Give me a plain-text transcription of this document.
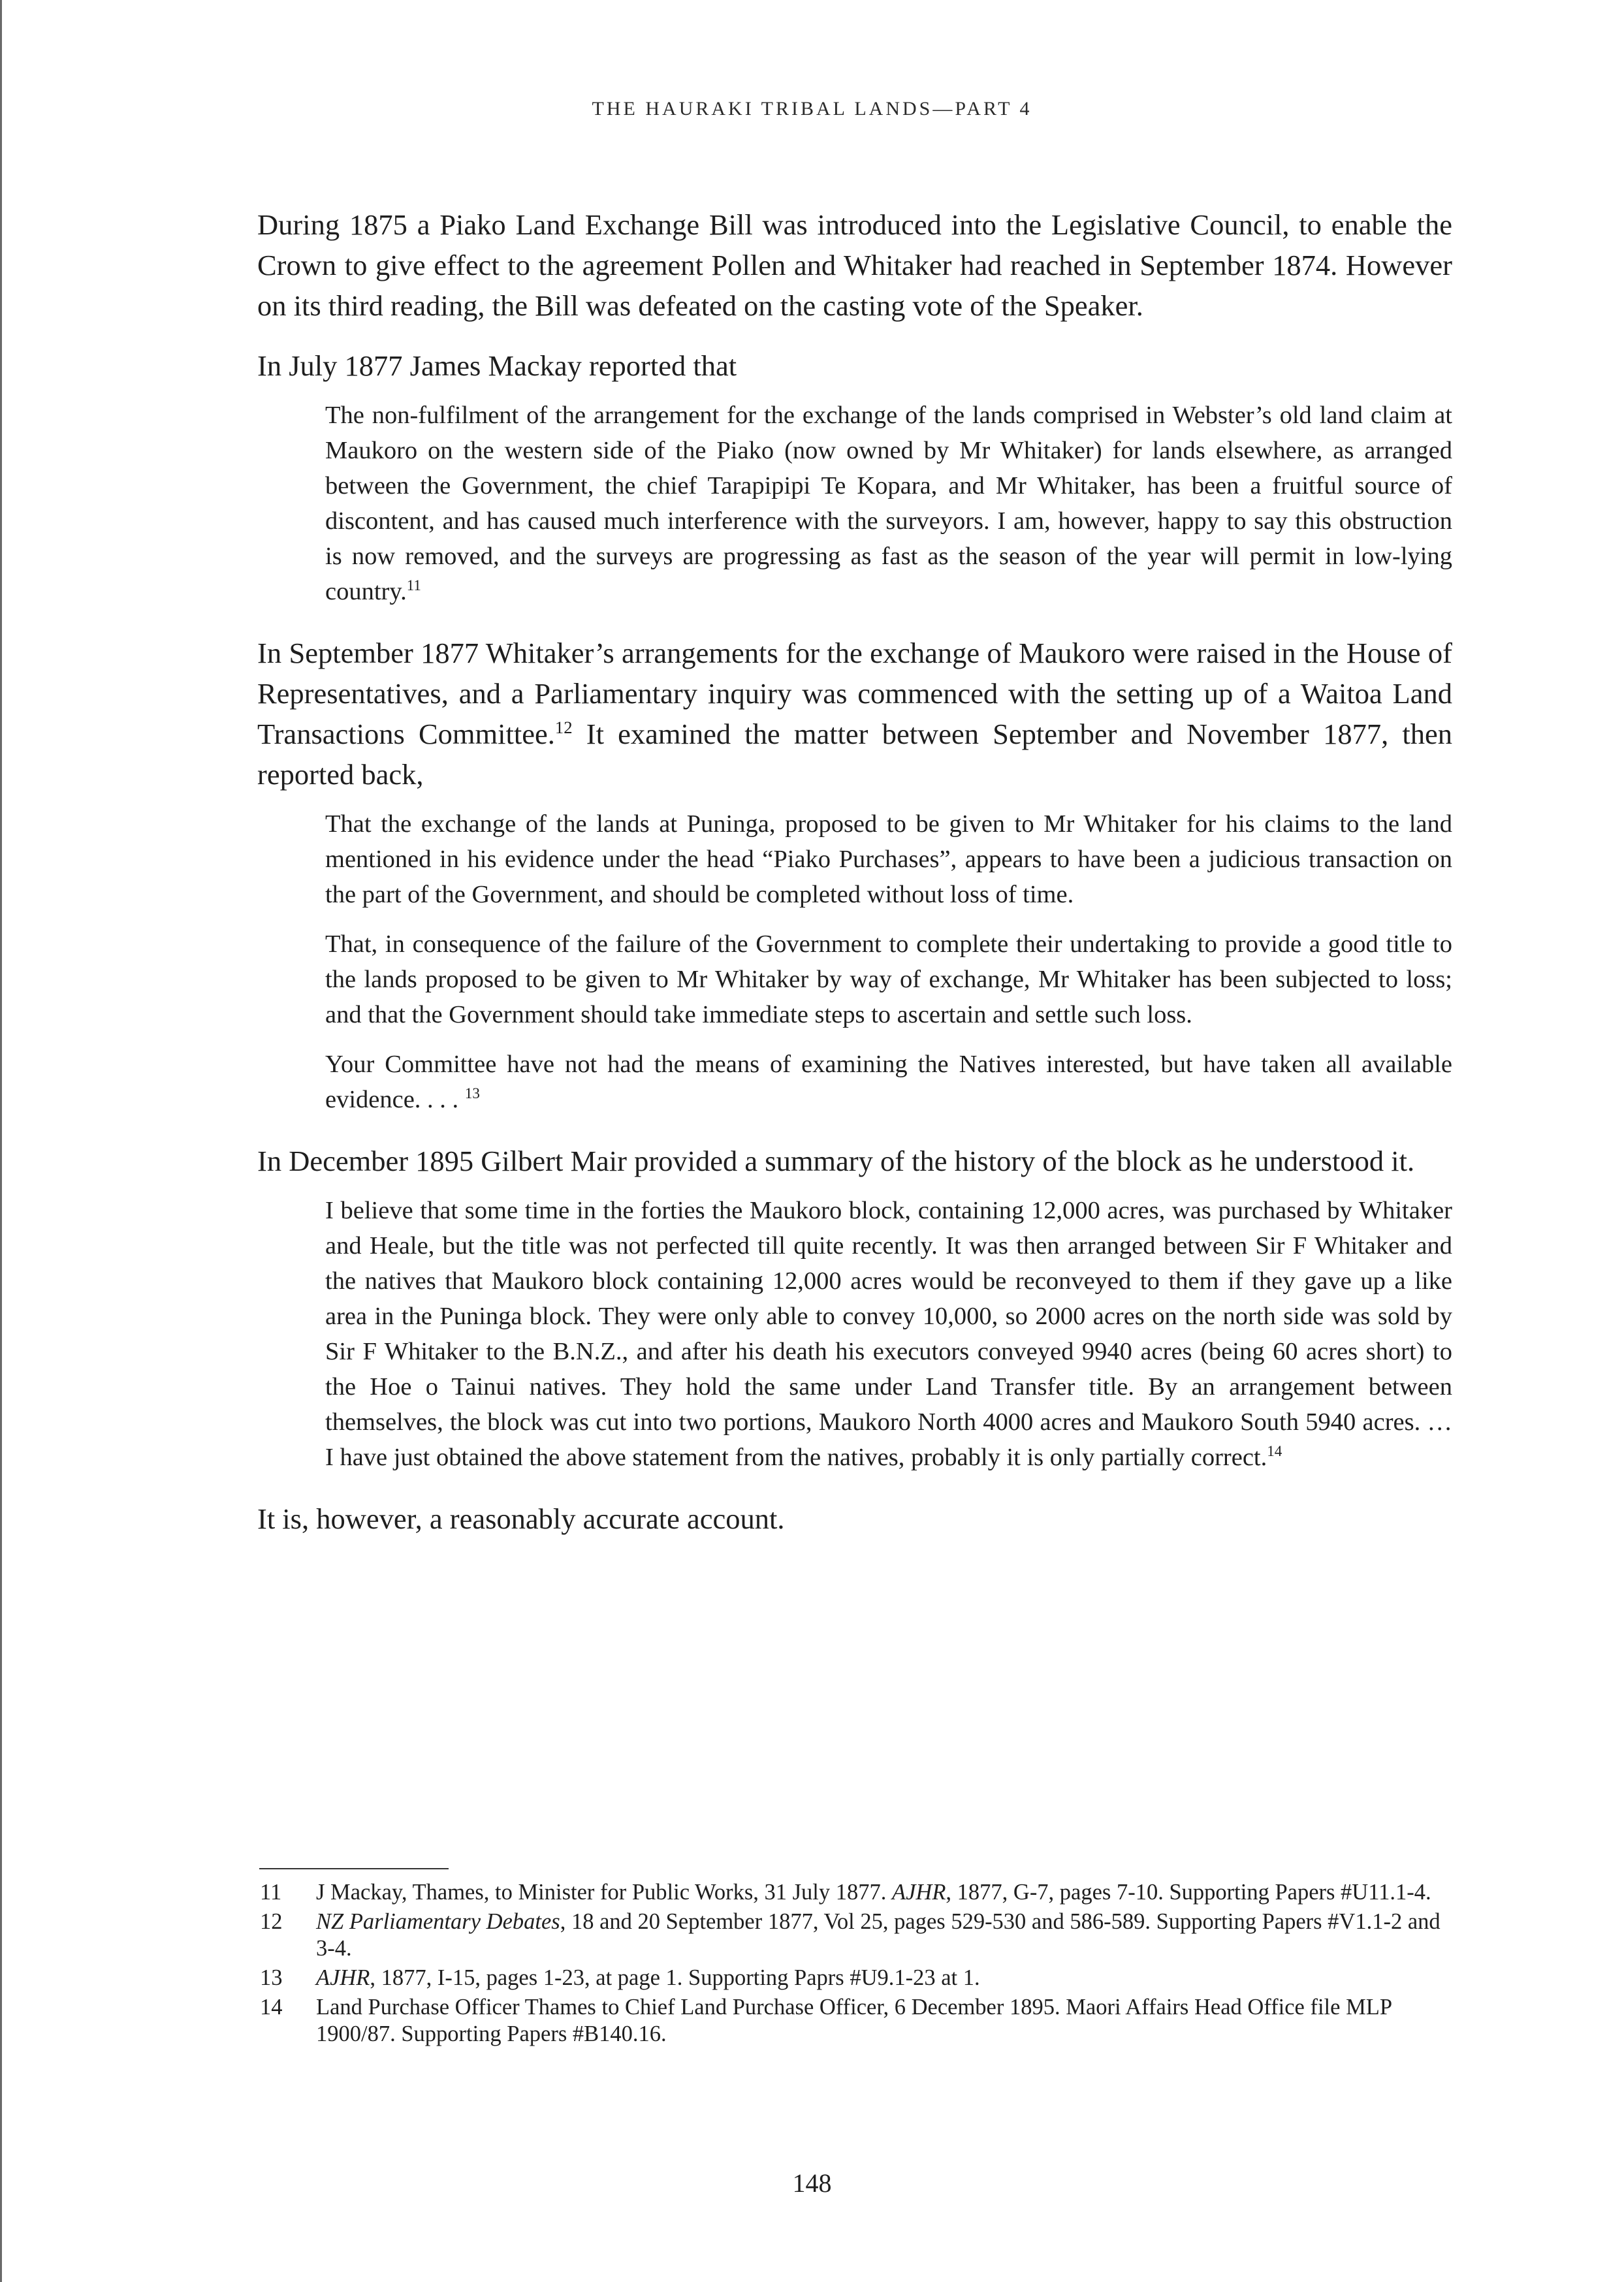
THE HAURAKI TRIBAL LANDS—PART 4

During 1875 a Piako Land Exchange Bill was introduced into the Legislative Council, to enable the Crown to give effect to the agreement Pollen and Whitaker had reached in September 1874. However on its third reading, the Bill was defeated on the casting vote of the Speaker.

In July 1877 James Mackay reported that

The non-fulfilment of the arrangement for the exchange of the lands comprised in Webster’s old land claim at Maukoro on the western side of the Piako (now owned by Mr Whitaker) for lands elsewhere, as arranged between the Government, the chief Tarapipipi Te Kopara, and Mr Whitaker, has been a fruitful source of discontent, and has caused much interference with the surveyors. I am, however, happy to say this obstruction is now removed, and the surveys are progressing as fast as the season of the year will permit in low-lying country.$^{11}$

In September 1877 Whitaker’s arrangements for the exchange of Maukoro were raised in the House of Representatives, and a Parliamentary inquiry was commenced with the setting up of a Waitoa Land Transactions Committee.$^{12}$ It examined the matter between September and November 1877, then reported back,

That the exchange of the lands at Puninga, proposed to be given to Mr Whitaker for his claims to the land mentioned in his evidence under the head “Piako Purchases”, appears to have been a judicious transaction on the part of the Government, and should be completed without loss of time.

That, in consequence of the failure of the Government to complete their undertaking to provide a good title to the lands proposed to be given to Mr Whitaker by way of exchange, Mr Whitaker has been subjected to loss; and that the Government should take immediate steps to ascertain and settle such loss.

Your Committee have not had the means of examining the Natives interested, but have taken all available evidence. . . . $^{13}$

In December 1895 Gilbert Mair provided a summary of the history of the block as he understood it.

I believe that some time in the forties the Maukoro block, containing 12,000 acres, was purchased by Whitaker and Heale, but the title was not perfected till quite recently. It was then arranged between Sir F Whitaker and the natives that Maukoro block containing 12,000 acres would be reconveyed to them if they gave up a like area in the Puninga block. They were only able to convey 10,000, so 2000 acres on the north side was sold by Sir F Whitaker to the B.N.Z., and after his death his executors conveyed 9940 acres (being 60 acres short) to the Hoe o Tainui natives. They hold the same under Land Transfer title. By an arrangement between themselves, the block was cut into two portions, Maukoro North 4000 acres and Maukoro South 5940 acres. … I have just obtained the above statement from the natives, probably it is only partially correct.$^{14}$

It is, however, a reasonably accurate account.

11 J Mackay, Thames, to Minister for Public Works, 31 July 1877. AJHR, 1877, G-7, pages 7-10. Supporting Papers #U11.1-4.
12 NZ Parliamentary Debates, 18 and 20 September 1877, Vol 25, pages 529-530 and 586-589. Supporting Papers #V1.1-2 and 3-4.
13 AJHR, 1877, I-15, pages 1-23, at page 1. Supporting Paprs #U9.1-23 at 1.
14 Land Purchase Officer Thames to Chief Land Purchase Officer, 6 December 1895. Maori Affairs Head Office file MLP 1900/87. Supporting Papers #B140.16.
148
